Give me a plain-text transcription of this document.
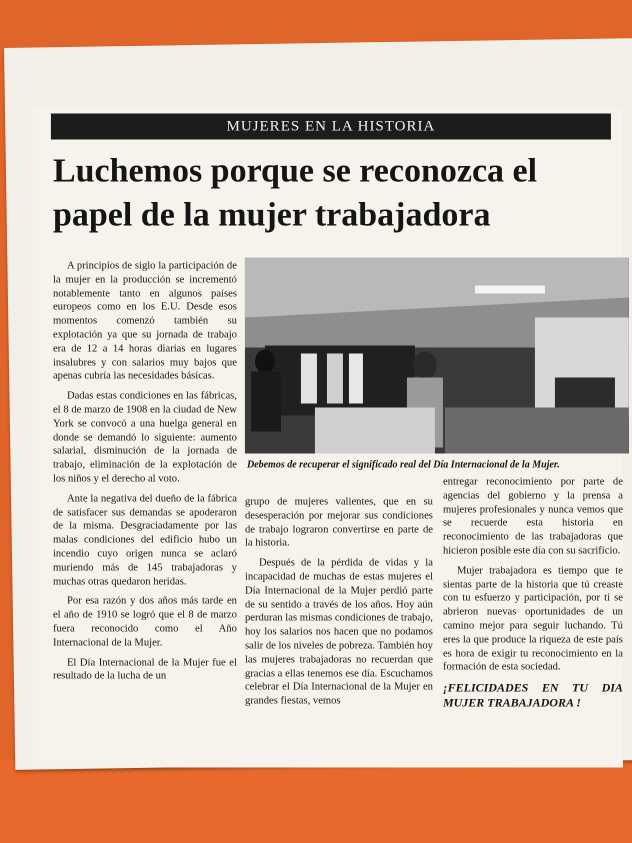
MUJERES EN LA HISTORIA
Luchemos porque se reconozca el papel de la mujer trabajadora
Debemos de recuperar el significado real del Día Internacional de la Mujer.

A principios de siglo la participación de la mujer en la producción se incrementó notablemente tanto en algunos países europeos como en los E.U. Desde esos momentos comenzó también su explotación ya que su jornada de trabajo era de 12 a 14 horas diarias en lugares insalubres y con salarios muy bajos que apenas cubría las necesidades básicas.

Dadas estas condiciones en las fábricas, el 8 de marzo de 1908 en la ciudad de New York se convocó a una huelga general en donde se demandó lo siguiente: aumento salarial, disminución de la jornada de trabajo, eliminación de la explotación de los niños y el derecho al voto.

Ante la negativa del dueño de la fábrica de satisfacer sus demandas se apoderaron de la misma. Desgraciadamente por las malas condiciones del edificio hubo un incendio cuyo origen nunca se aclaró muriendo más de 145 trabajadoras y muchas otras quedaron heridas.

Por esa razón y dos años más tarde en el año de 1910 se logró que el 8 de marzo fuera reconocido como el Año Internacional de la Mujer.

El Día Internacional de la Mujer fue el resultado de la lucha de un

grupo de mujeres valientes, que en su desesperación por mejorar sus condiciones de trabajo lograron convertirse en parte de la historia.

Después de la pérdida de vidas y la incapacidad de muchas de estas mujeres el Día Internacional de la Mujer perdió parte de su sentido a través de los años. Hoy aún perduran las mismas condiciones de trabajo, hoy los salarios nos hacen que no podamos salir de los niveles de pobreza. También hoy las mujeres trabajadoras no recuerdan que gracias a ellas tenemos ese día. Escuchamos celebrar el Día Internacional de la Mujer en grandes fiestas, vemos

entregar reconocimiento por parte de agencias del gobierno y la prensa a mujeres profesionales y nunca vemos que se recuerde esta historia en reconocimiento de las trabajadoras que hicieron posible este día con su sacrificio.

Mujer trabajadora es tiempo que te sientas parte de la historia que tú creaste con tu esfuerzo y participación, por ti se abrieron nuevas oportunidades de un camino mejor para seguir luchando. Tú eres la que produce la riqueza de este país es hora de exigir tu reconocimiento en la formación de esta sociedad.

¡FELICIDADES EN TU DIA MUJER TRABAJADORA !
